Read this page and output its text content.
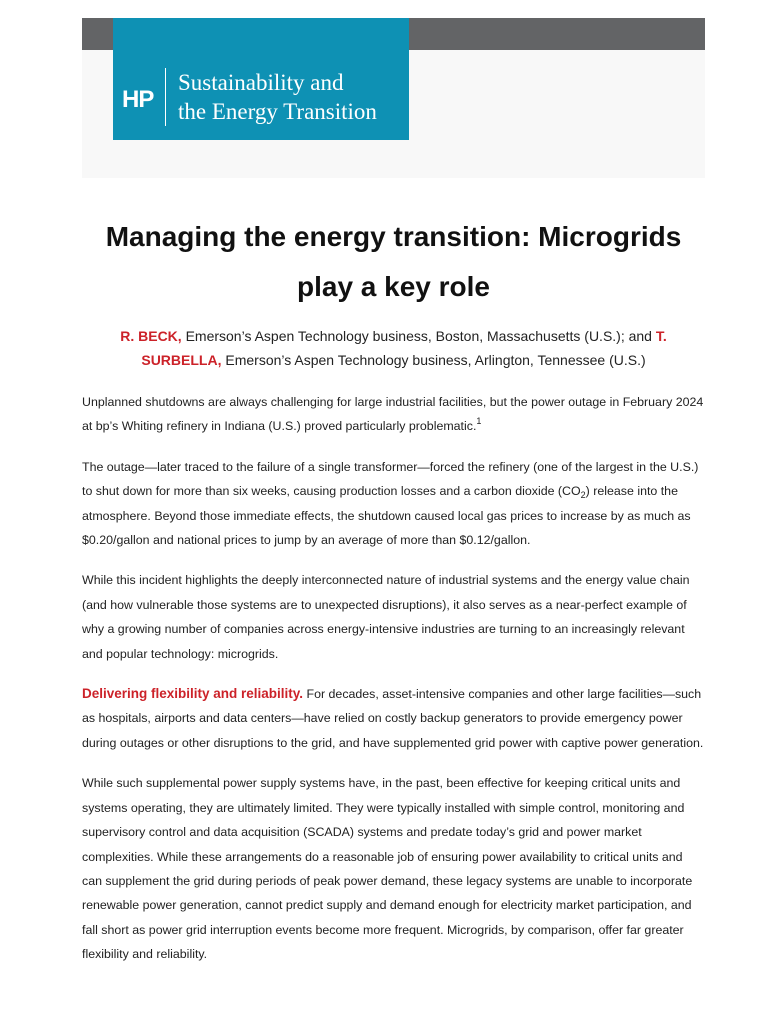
HP
Sustainability and
the Energy Transition
Managing the energy transition: Microgrids
play a key role

R. BECK, Emerson’s Aspen Technology business, Boston, Massachusetts (U.S.); and T.
SURBELLA, Emerson’s Aspen Technology business, Arlington, Tennessee (U.S.)

Unplanned shutdowns are always challenging for large industrial facilities, but the power outage in February 2024 at bp’s Whiting refinery in Indiana (U.S.) proved particularly problematic.$^1$

The outage—later traced to the failure of a single transformer—forced the refinery (one of the largest in the U.S.) to shut down for more than six weeks, causing production losses and a carbon dioxide $(CO_2)$ release into the atmosphere. Beyond those immediate effects, the shutdown caused local gas prices to increase by as much as $0.20/gallon and national prices to jump by an average of more than $0.12/gallon.

While this incident highlights the deeply interconnected nature of industrial systems and the energy value chain (and how vulnerable those systems are to unexpected disruptions), it also serves as a near-perfect example of why a growing number of companies across energy-intensive industries are turning to an increasingly relevant and popular technology: microgrids.

Delivering flexibility and reliability. For decades, asset-intensive companies and other large facilities—such as hospitals, airports and data centers—have relied on costly backup generators to provide emergency power during outages or other disruptions to the grid, and have supplemented grid power with captive power generation.

While such supplemental power supply systems have, in the past, been effective for keeping critical units and systems operating, they are ultimately limited. They were typically installed with simple control, monitoring and supervisory control and data acquisition (SCADA) systems and predate today’s grid and power market complexities. While these arrangements do a reasonable job of ensuring power availability to critical units and can supplement the grid during periods of peak power demand, these legacy systems are unable to incorporate renewable power generation, cannot predict supply and demand enough for electricity market participation, and fall short as power grid interruption events become more frequent. Microgrids, by comparison, offer far greater flexibility and reliability.
